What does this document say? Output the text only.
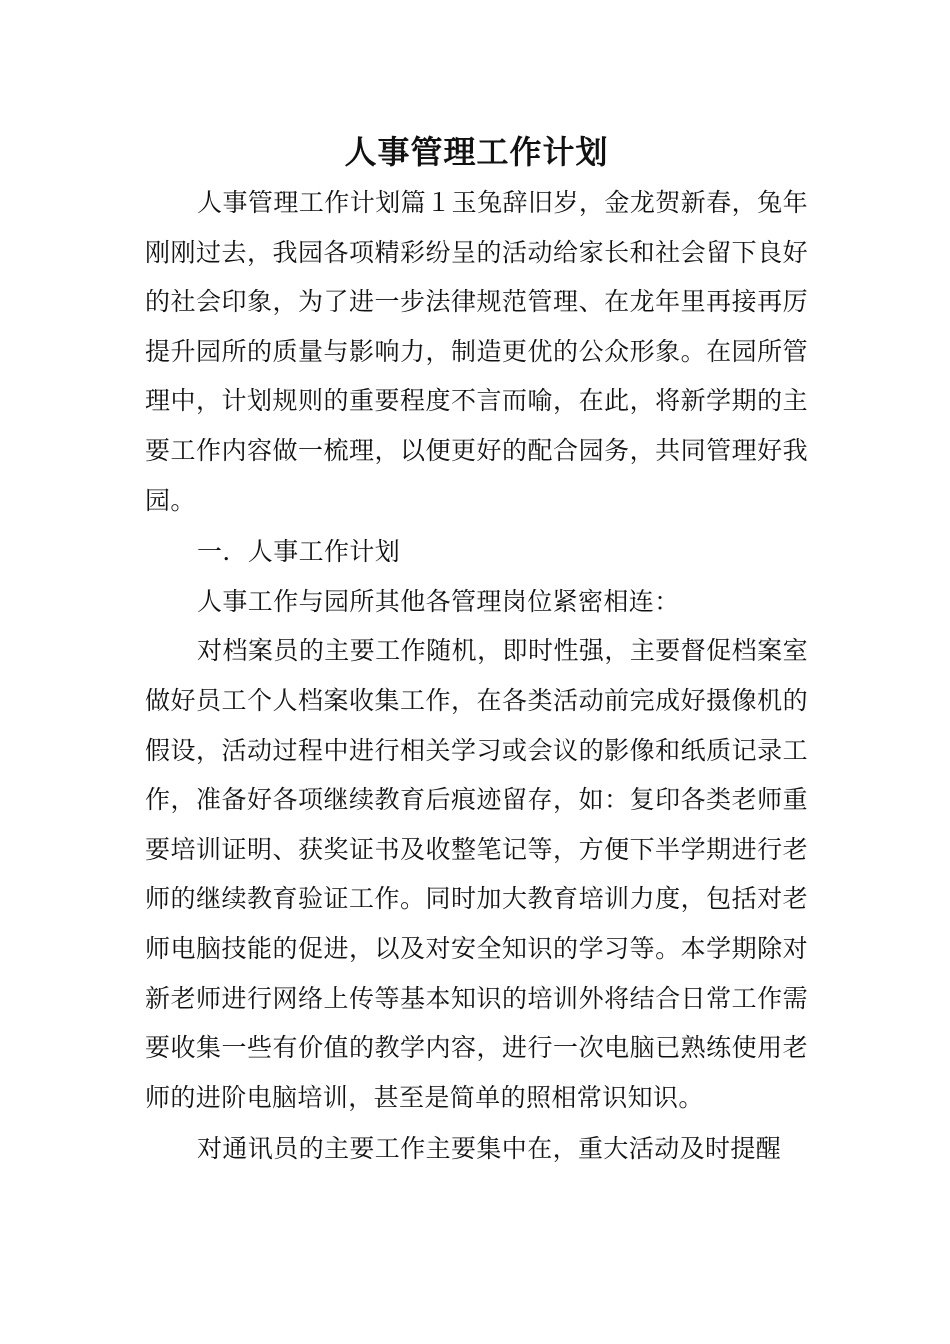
人事管理工作计划

人事管理工作计划篇１玉兔辞旧岁，金龙贺新春，兔年刚刚过去，我园各项精彩纷呈的活动给家长和社会留下良好的社会印象，为了进一步法律规范管理、在龙年里再接再厉提升园所的质量与影响力，制造更优的公众形象。在园所管理中，计划规则的重要程度不言而喻，在此，将新学期的主要工作内容做一梳理，以便更好的配合园务，共同管理好我园。

一．人事工作计划

人事工作与园所其他各管理岗位紧密相连：

对档案员的主要工作随机，即时性强，主要督促档案室做好员工个人档案收集工作，在各类活动前完成好摄像机的假设，活动过程中进行相关学习或会议的影像和纸质记录工作，准备好各项继续教育后痕迹留存，如：复印各类老师重要培训证明、获奖证书及收整笔记等，方便下半学期进行老师的继续教育验证工作。同时加大教育培训力度，包括对老师电脑技能的促进，以及对安全知识的学习等。本学期除对新老师进行网络上传等基本知识的培训外将结合日常工作需要收集一些有价值的教学内容，进行一次电脑已熟练使用老师的进阶电脑培训，甚至是简单的照相常识知识。

对通讯员的主要工作主要集中在，重大活动及时提醒
